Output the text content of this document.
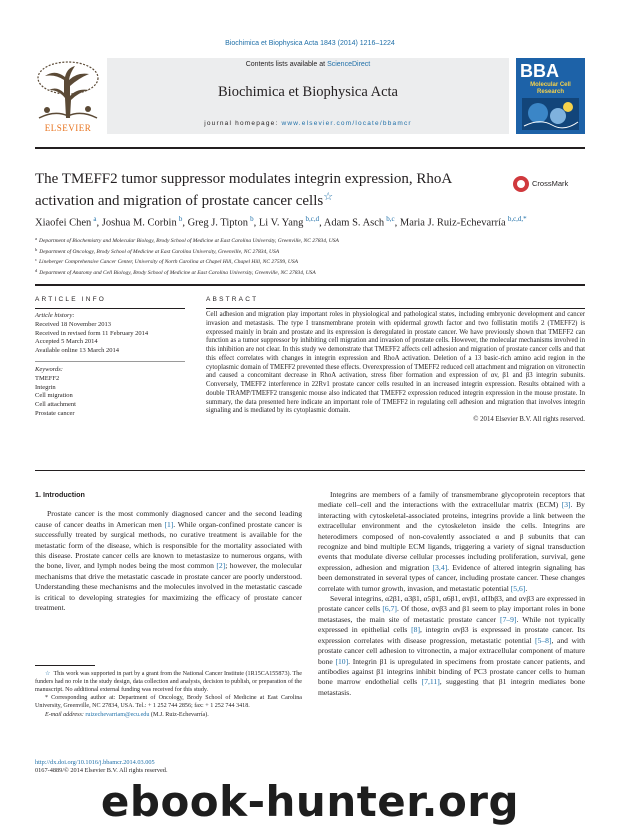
Biochimica et Biophysica Acta 1843 (2014) 1216–1224
ELSEVIER
Contents lists available at ScienceDirect
Biochimica et Biophysica Acta
journal homepage: www.elsevier.com/locate/bbamcr
BBA
Molecular Cell Research
The TMEFF2 tumor suppressor modulates integrin expression, RhoA activation and migration of prostate cancer cells☆
CrossMark
Xiaofei Chen  $^a$, Joshua M. Corbin  $^b$, Greg J. Tipton  $^b$, Li V. Yang  $^{b,c,d}$, Adam S. Asch  $^{b,c}$, Maria J. Ruiz-Echevarría  $^{b,c,d,*}$
$^a$ Department of Biochemistry and Molecular Biology, Brody School of Medicine at East Carolina University, Greenville, NC 27834, USA
$^b$ Department of Oncology, Brody School of Medicine at East Carolina University, Greenville, NC 27834, USA
$^c$ Lineberger Comprehensive Cancer Center, University of North Carolina at Chapel Hill, Chapel Hill, NC 27599, USA
$^d$ Department of Anatomy and Cell Biology, Brody School of Medicine at East Carolina University, Greenville, NC 27834, USA
ARTICLE INFO	ABSTRACT
Article history:
Received 18 November 2013
Received in revised form 11 February 2014
Accepted 5 March 2014
Available online 13 March 2014
Keywords:
TMEFF2
Integrin
Cell migration
Cell attachment
Prostate cancer
Cell adhesion and migration play important roles in physiological and pathological states, including embryonic development and cancer invasion and metastasis. The type I transmembrane protein with epidermal growth factor and two follistatin motifs 2 (TMEFF2) is expressed mainly in brain and prostate and its expression is deregulated in prostate cancer. We have previously shown that TMEFF2 can function as a tumor suppressor by inhibiting cell migration and invasion of prostate cells. However, the molecular mechanisms involved in this inhibition are not clear. In this study we demonstrate that TMEFF2 affects cell adhesion and migration of prostate cancer cells and that this effect correlates with changes in integrin expression and RhoA activation. Deletion of a 13 basic-rich amino acid region in the cytoplasmic domain of TMEFF2 prevented these effects. Overexpression of TMEFF2 reduced cell attachment and migration on vitronectin and caused a concomitant decrease in RhoA activation, stress fiber formation and expression of αv, β1 and β3 integrin subunits. Conversely, TMEFF2 interference in 22Rv1 prostate cancer cells resulted in an increased integrin expression. Results obtained with a double TRAMP/TMEFF2 transgenic mouse also indicated that TMEFF2 expression reduced integrin expression in the mouse prostate. In summary, the data presented here indicate an important role of TMEFF2 in regulating cell adhesion and migration that involves integrin signaling and is mediated by its cytoplasmic domain.
© 2014 Elsevier B.V. All rights reserved.

1. Introduction

Prostate cancer is the most commonly diagnosed cancer and the second leading cause of cancer deaths in American men [1]. While organ-confined prostate cancer is successfully treated by surgical methods, no curative treatment is available for the metastatic form of the disease, which is responsible for the mortality associated with this disease. Prostate cancer cells are known to metastasize to numerous organs, with the bone, liver, and lymph nodes being the most common [2]; however, the molecular mechanisms that drive the metastatic cascade in prostate cancer are poorly understood. Understanding these mechanisms and the molecules involved in the metastatic cascade is critical to developing strategies for maximizing the efficacy of prostate cancer treatment.

Integrins are members of a family of transmembrane glycoprotein receptors that mediate cell–cell and the interactions with the extracellular matrix (ECM) [3]. By interacting with cytoskeletal-associated proteins, integrins provide a link between the extracellular environment and the cytoskeleton inside the cells. Integrins are heterodimers composed of non-covalently associated α and β subunits that can recognize and bind multiple ECM ligands, triggering a variety of signal transduction events that modulate diverse cellular processes including proliferation, survival, gene expression, adhesion and migration [3,4]. Evidence of altered integrin signaling has been demonstrated in several types of cancer, including prostate cancer. These changes correlate with tumor growth, invasion, and metastatic potential [5,6].

Several integrins, α2β1, α3β1, α5β1, α6β1, αvβ1, αIIbβ3, and αvβ3 are expressed in prostate cancer cells [6,7]. Of those, αvβ3 and β1 seem to play important roles in bone metastases, the main site of metastatic prostate cancer [7–9]. While not typically expressed in epithelial cells [8], integrin αvβ3 is expressed in prostate cancer. Its expression correlates with disease progression, metastatic potential [5–8], and with prostate cancer cell adhesion to vitronectin, a major extracellular component of mature bone [10]. Integrin β1 is upregulated in specimens from prostate cancer patients, and antibodies against β1 integrins inhibit binding of PC3 prostate cancer cells to human bone marrow endothelial cells [7,11], suggesting that β1 integrin mediates bone metastasis.

☆  This work was supported in part by a grant from the National Cancer Institute (1R15CA155873). The funders had no role in the study design, data collection and analysis, decision to publish, or preparation of the manuscript. No additional external funding was received for this study.

*  Corresponding author at: Department of Oncology, Brody School of Medicine at East Carolina University, Greenville, NC 27834, USA. Tel.: + 1 252 744 2856; fax: + 1 252 744 3418.

E-mail address: ruizechevarriam@ecu.edu (M.J. Ruiz-Echevarría).

http://dx.doi.org/10.1016/j.bbamcr.2014.03.005
0167-4889/© 2014 Elsevier B.V. All rights reserved.
ebook-hunter.org
